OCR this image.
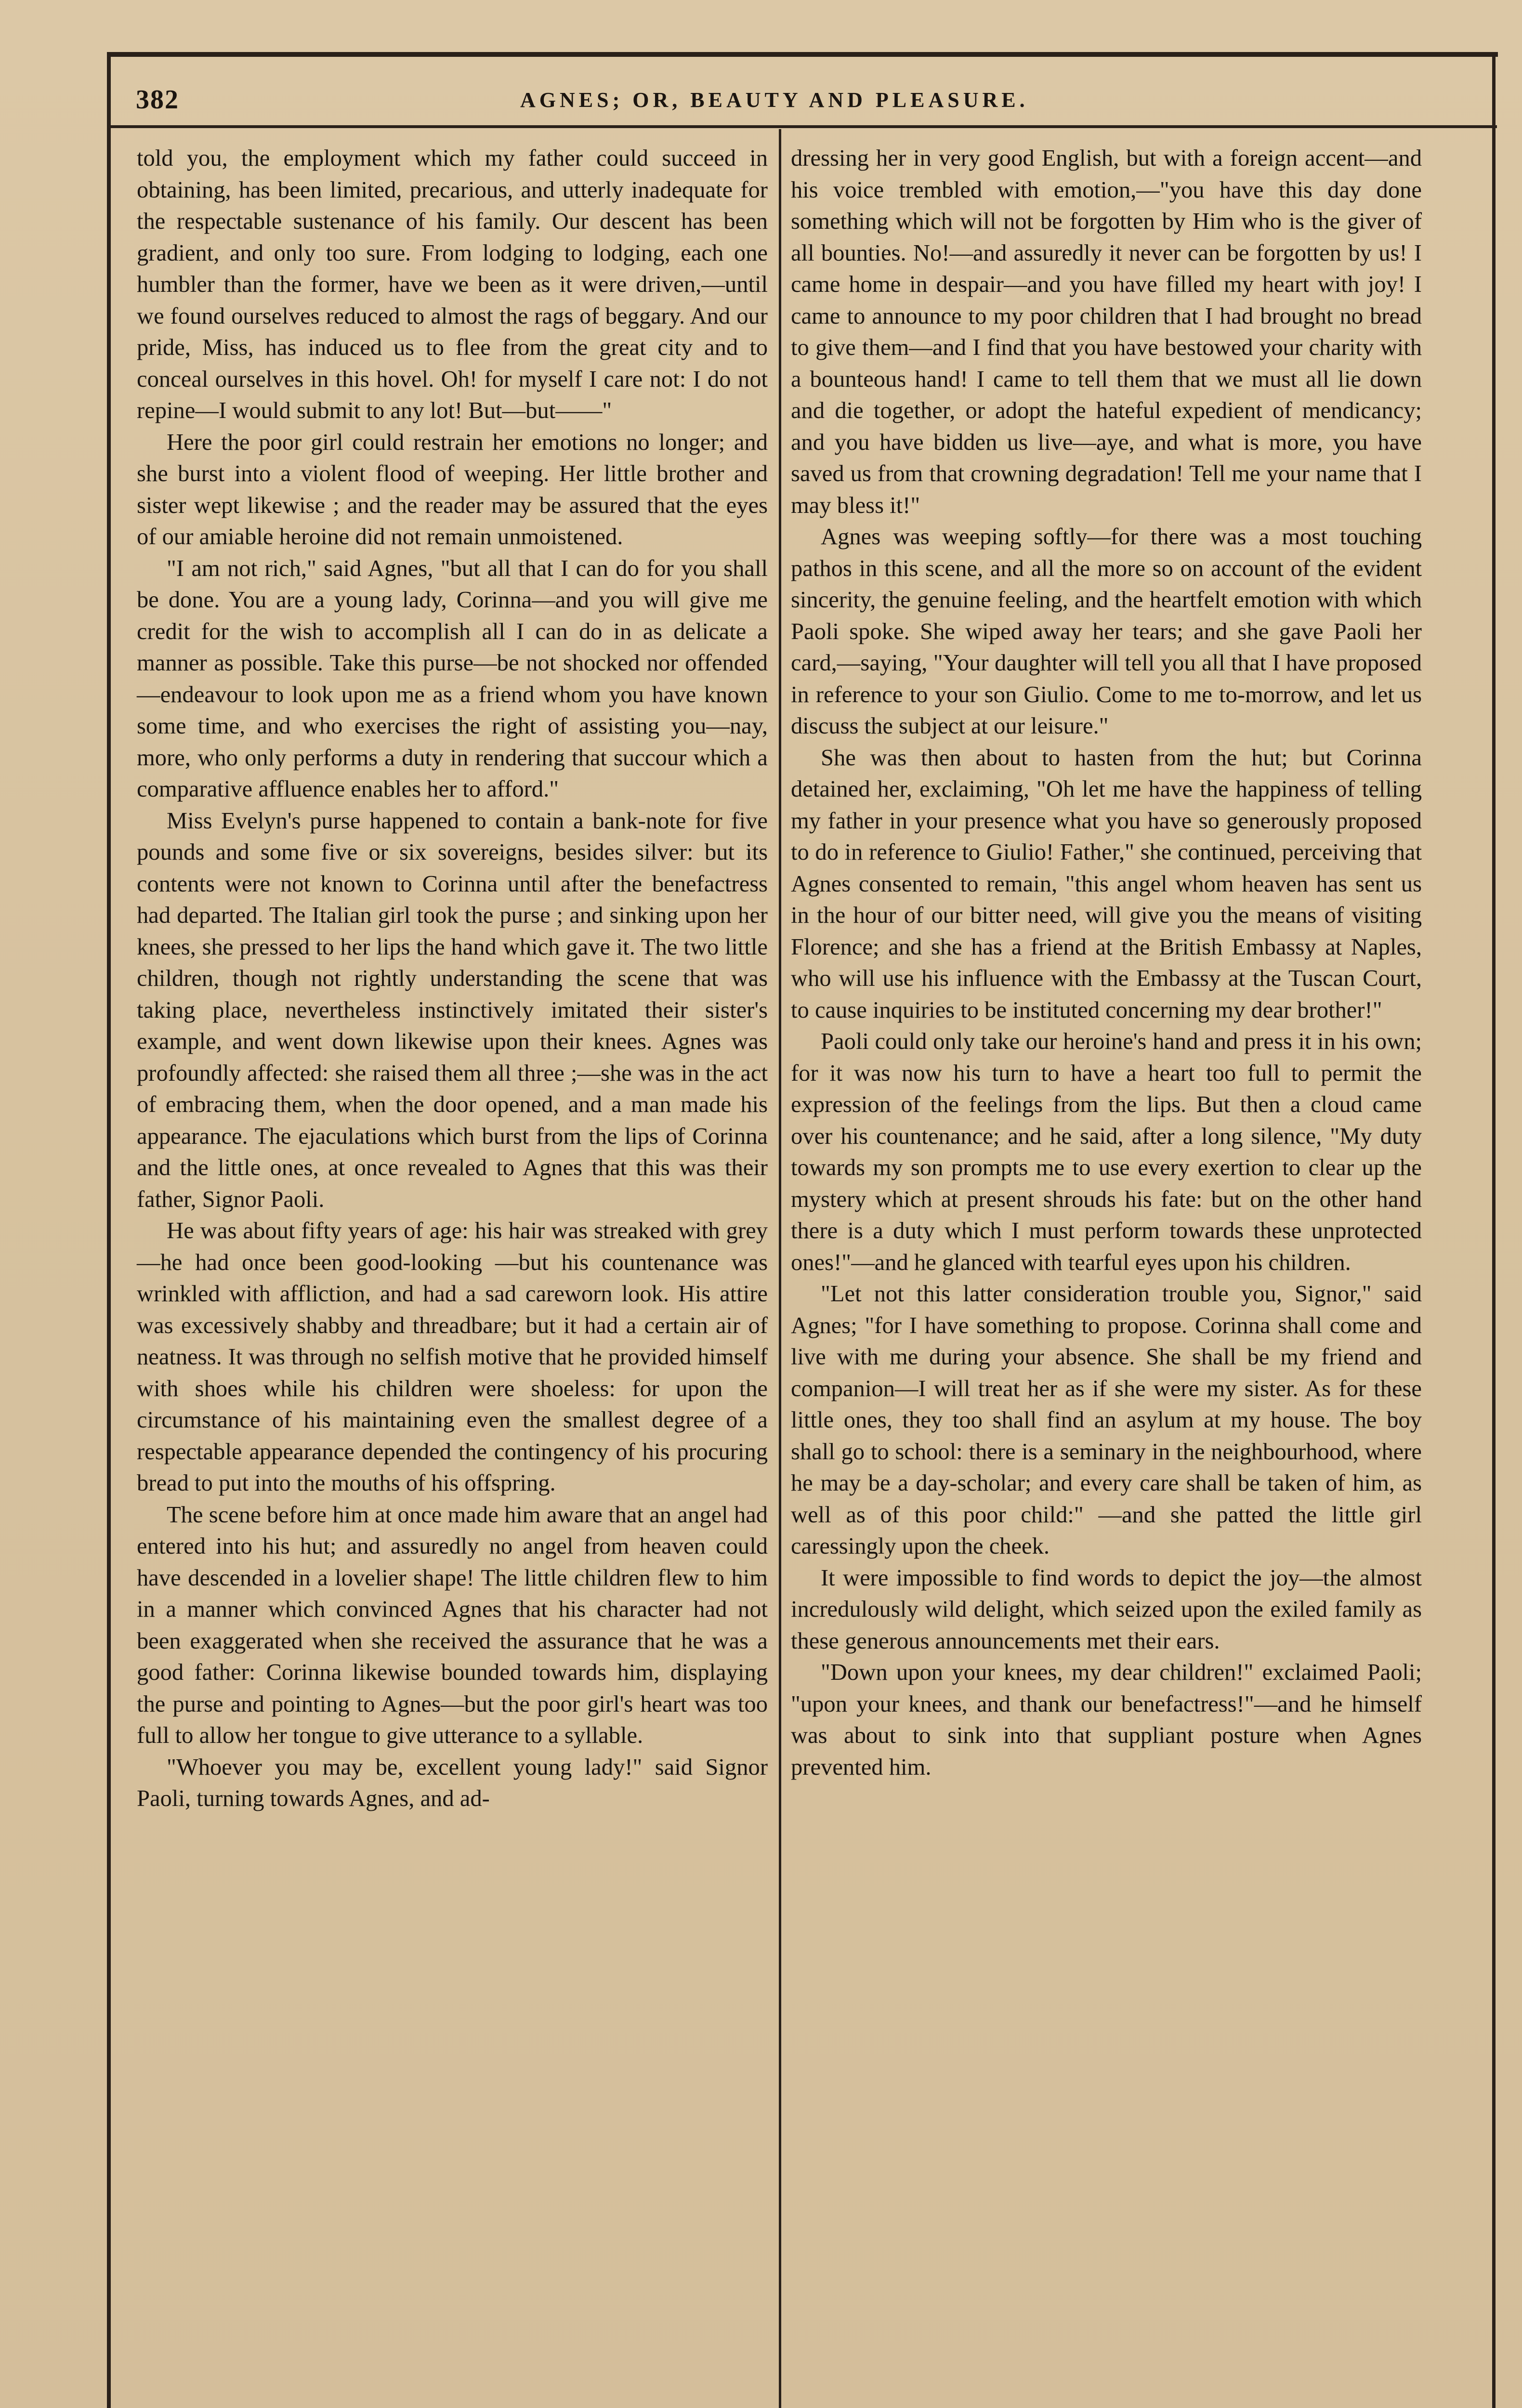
382	AGNES; OR, BEAUTY AND PLEASURE.

told you, the employment which my father could succeed in obtaining, has been limited, precarious, and utterly inadequate for the respectable sustenance of his family. Our descent has been gradient, and only too sure. From lodging to lodging, each one humbler than the former, have we been as it were driven,—until we found ourselves reduced to almost the rags of beggary. And our pride, Miss, has induced us to flee from the great city and to conceal ourselves in this hovel. Oh! for myself I care not: I do not repine—I would submit to any lot! But—but——"

Here the poor girl could restrain her emotions no longer; and she burst into a violent flood of weeping. Her little brother and sister wept likewise ; and the reader may be assured that the eyes of our amiable heroine did not remain unmoistened.

"I am not rich," said Agnes, "but all that I can do for you shall be done. You are a young lady, Corinna—and you will give me credit for the wish to accomplish all I can do in as delicate a manner as possible. Take this purse—be not shocked nor offended—endeavour to look upon me as a friend whom you have known some time, and who exercises the right of assisting you—nay, more, who only performs a duty in rendering that succour which a comparative affluence enables her to afford."

Miss Evelyn's purse happened to contain a bank-note for five pounds and some five or six sovereigns, besides silver: but its contents were not known to Corinna until after the benefactress had departed. The Italian girl took the purse ; and sinking upon her knees, she pressed to her lips the hand which gave it. The two little children, though not rightly understanding the scene that was taking place, nevertheless instinctively imitated their sister's example, and went down likewise upon their knees. Agnes was profoundly affected: she raised them all three ;—she was in the act of embracing them, when the door opened, and a man made his appearance. The ejaculations which burst from the lips of Corinna and the little ones, at once revealed to Agnes that this was their father, Signor Paoli.

He was about fifty years of age: his hair was streaked with grey—he had once been good-looking —but his countenance was wrinkled with affliction, and had a sad careworn look. His attire was excessively shabby and threadbare; but it had a certain air of neatness. It was through no selfish motive that he provided himself with shoes while his children were shoeless: for upon the circumstance of his maintaining even the smallest degree of a respectable appearance depended the contingency of his procuring bread to put into the mouths of his offspring.

The scene before him at once made him aware that an angel had entered into his hut; and assuredly no angel from heaven could have descended in a lovelier shape! The little children flew to him in a manner which convinced Agnes that his character had not been exaggerated when she received the assurance that he was a good father: Corinna likewise bounded towards him, displaying the purse and pointing to Agnes—but the poor girl's heart was too full to allow her tongue to give utterance to a syllable.

"Whoever you may be, excellent young lady!" said Signor Paoli, turning towards Agnes, and ad-

dressing her in very good English, but with a foreign accent—and his voice trembled with emotion,—"you have this day done something which will not be forgotten by Him who is the giver of all bounties. No!—and assuredly it never can be forgotten by us! I came home in despair—and you have filled my heart with joy! I came to announce to my poor children that I had brought no bread to give them—and I find that you have bestowed your charity with a bounteous hand! I came to tell them that we must all lie down and die together, or adopt the hateful expedient of mendicancy; and you have bidden us live—aye, and what is more, you have saved us from that crowning degradation! Tell me your name that I may bless it!"

Agnes was weeping softly—for there was a most touching pathos in this scene, and all the more so on account of the evident sincerity, the genuine feeling, and the heartfelt emotion with which Paoli spoke. She wiped away her tears; and she gave Paoli her card,—saying, "Your daughter will tell you all that I have proposed in reference to your son Giulio. Come to me to-morrow, and let us discuss the subject at our leisure."

She was then about to hasten from the hut; but Corinna detained her, exclaiming, "Oh let me have the happiness of telling my father in your presence what you have so generously proposed to do in reference to Giulio! Father," she continued, perceiving that Agnes consented to remain, "this angel whom heaven has sent us in the hour of our bitter need, will give you the means of visiting Florence; and she has a friend at the British Embassy at Naples, who will use his influence with the Embassy at the Tuscan Court, to cause inquiries to be instituted concerning my dear brother!"

Paoli could only take our heroine's hand and press it in his own; for it was now his turn to have a heart too full to permit the expression of the feelings from the lips. But then a cloud came over his countenance; and he said, after a long silence, "My duty towards my son prompts me to use every exertion to clear up the mystery which at present shrouds his fate: but on the other hand there is a duty which I must perform towards these unprotected ones!"—and he glanced with tearful eyes upon his children.

"Let not this latter consideration trouble you, Signor," said Agnes; "for I have something to propose. Corinna shall come and live with me during your absence. She shall be my friend and companion—I will treat her as if she were my sister. As for these little ones, they too shall find an asylum at my house. The boy shall go to school: there is a seminary in the neighbourhood, where he may be a day-scholar; and every care shall be taken of him, as well as of this poor child:" —and she patted the little girl caressingly upon the cheek.

It were impossible to find words to depict the joy—the almost incredulously wild delight, which seized upon the exiled family as these generous announcements met their ears.

"Down upon your knees, my dear children!" exclaimed Paoli; "upon your knees, and thank our benefactress!"—and he himself was about to sink into that suppliant posture when Agnes prevented him.
